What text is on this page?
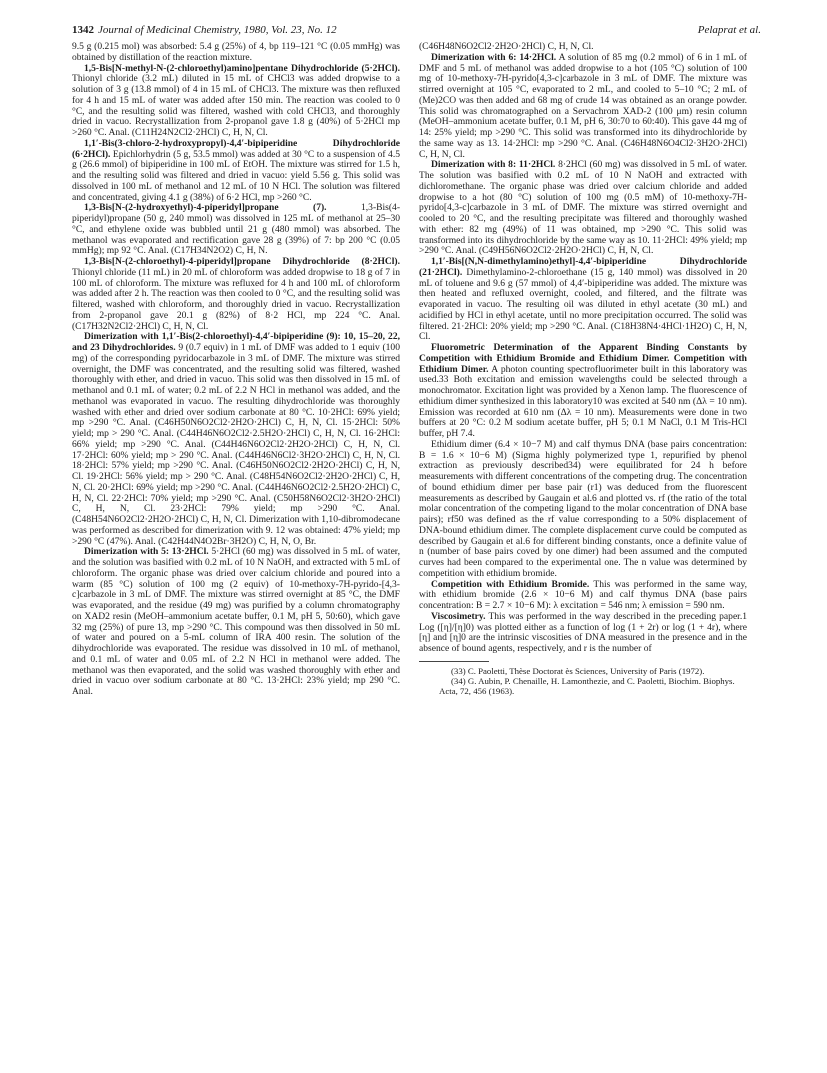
1342 Journal of Medicinal Chemistry, 1980, Vol. 23, No. 12	Pelaprat et al.

9.5 g (0.215 mol) was absorbed: 5.4 g (25%) of 4, bp 119–121 °C (0.05 mmHg) was obtained by distillation of the reaction mixture.

1,5-Bis[N-methyl-N-(2-chloroethyl)amino]pentane Dihydrochloride (5·2HCl). Thionyl chloride (3.2 mL) diluted in 15 mL of CHCl3 was added dropwise to a solution of 3 g (13.8 mmol) of 4 in 15 mL of CHCl3. The mixture was then refluxed for 4 h and 15 mL of water was added after 150 min. The reaction was cooled to 0 °C, and the resulting solid was filtered, washed with cold CHCl3, and thoroughly dried in vacuo. Recrystallization from 2-propanol gave 1.8 g (40%) of 5·2HCl mp >260 °C. Anal. (C11H24N2Cl2·2HCl) C, H, N, Cl.

1,1′-Bis(3-chloro-2-hydroxypropyl)-4,4′-bipiperidine Dihydrochloride (6·2HCl). Epichlorhydrin (5 g, 53.5 mmol) was added at 30 °C to a suspension of 4.5 g (26.6 mmol) of bipiperidine in 100 mL of EtOH. The mixture was stirred for 1.5 h, and the resulting solid was filtered and dried in vacuo: yield 5.56 g. This solid was dissolved in 100 mL of methanol and 12 mL of 10 N HCl. The solution was filtered and concentrated, giving 4.1 g (38%) of 6·2 HCl, mp >260 °C.

1,3-Bis[N-(2-hydroxyethyl)-4-piperidyl]propane (7).	1,3-Bis(4-piperidyl)propane (50 g, 240 mmol) was dissolved in 125 mL of methanol at 25–30 °C, and ethylene oxide was bubbled until 21 g (480 mmol) was absorbed. The methanol was evaporated and rectification gave 28 g (39%) of 7: bp 200 °C (0.05 mmHg); mp 92 °C. Anal. (C17H34N2O2) C, H, N.

1,3-Bis[N-(2-chloroethyl)-4-piperidyl]propane Dihydrochloride (8·2HCl). Thionyl chloride (11 mL) in 20 mL of chloroform was added dropwise to 18 g of 7 in 100 mL of chloroform. The mixture was refluxed for 4 h and 100 mL of chloroform was added after 2 h. The reaction was then cooled to 0 °C, and the resulting solid was filtered, washed with chloroform, and thoroughly dried in vacuo. Recrystallization from 2-propanol gave 20.1 g (82%) of 8·2 HCl, mp 224 °C. Anal. (C17H32N2Cl2·2HCl) C, H, N, Cl.

Dimerization with 1,1′-Bis(2-chloroethyl)-4,4′-bipiperidine (9): 10, 15–20, 22, and 23 Dihydrochlorides. 9 (0.7 equiv) in 1 mL of DMF was added to 1 equiv (100 mg) of the corresponding pyridocarbazole in 3 mL of DMF. The mixture was stirred overnight, the DMF was concentrated, and the resulting solid was filtered, washed thoroughly with ether, and dried in vacuo. This solid was then dissolved in 15 mL of methanol and 0.1 mL of water; 0.2 mL of 2.2 N HCl in methanol was added, and the methanol was evaporated in vacuo. The resulting dihydrochloride was thoroughly washed with ether and dried over sodium carbonate at 80 °C. 10·2HCl: 69% yield; mp >290 °C. Anal. (C46H50N6O2Cl2·2H2O·2HCl) C, H, N, Cl. 15·2HCl: 50% yield; mp > 290 °C. Anal. (C44H46N6O2Cl2·2.5H2O·2HCl) C, H, N, Cl. 16·2HCl: 66% yield; mp >290 °C. Anal. (C44H46N6O2Cl2·2H2O·2HCl) C, H, N, Cl. 17·2HCl: 60% yield; mp > 290 °C. Anal. (C44H46N6Cl2·3H2O·2HCl) C, H, N, Cl. 18·2HCl: 57% yield; mp >290 °C. Anal. (C46H50N6O2Cl2·2H2O·2HCl) C, H, N, Cl. 19·2HCl: 56% yield; mp > 290 °C. Anal. (C48H54N6O2Cl2·2H2O·2HCl) C, H, N, Cl. 20·2HCl: 69% yield; mp >290 °C. Anal. (C44H46N6O2Cl2·2.5H2O·2HCl) C, H, N, Cl. 22·2HCl: 70% yield; mp >290 °C. Anal. (C50H58N6O2Cl2·3H2O·2HCl) C, H, N, Cl. 23·2HCl: 79% yield; mp >290 °C. Anal. (C48H54N6O2Cl2·2H2O·2HCl) C, H, N, Cl. Dimerization with 1,10-dibromodecane was performed as described for dimerization with 9. 12 was obtained: 47% yield; mp >290 °C (47%). Anal. (C42H44N4O2Br·3H2O) C, H, N, O, Br.

Dimerization with 5: 13·2HCl. 5·2HCl (60 mg) was dissolved in 5 mL of water, and the solution was basified with 0.2 mL of 10 N NaOH, and extracted with 5 mL of chloroform. The organic phase was dried over calcium chloride and poured into a warm (85 °C) solution of 100 mg (2 equiv) of 10-methoxy-7H-pyrido-[4,3-c]carbazole in 3 mL of DMF. The mixture was stirred overnight at 85 °C, the DMF was evaporated, and the residue (49 mg) was purified by a column chromatography on XAD2 resin (MeOH–ammonium acetate buffer, 0.1 M, pH 5, 50:60), which gave 32 mg (25%) of pure 13, mp >290 °C. This compound was then dissolved in 50 mL of water and poured on a 5-mL column of IRA 400 resin. The solution of the dihydrochloride was evaporated. The residue was dissolved in 10 mL of methanol, and 0.1 mL of water and 0.05 mL of 2.2 N HCl in methanol were added. The methanol was then evaporated, and the solid was washed thoroughly with ether and dried in vacuo over sodium carbonate at 80 °C. 13·2HCl: 23% yield; mp 290 °C. Anal.

(C46H48N6O2Cl2·2H2O·2HCl) C, H, N, Cl.

Dimerization with 6: 14·2HCl. A solution of 85 mg (0.2 mmol) of 6 in 1 mL of DMF and 5 mL of methanol was added dropwise to a hot (105 °C) solution of 100 mg of 10-methoxy-7H-pyrido[4,3-c]carbazole in 3 mL of DMF. The mixture was stirred overnight at 105 °C, evaporated to 2 mL, and cooled to 5–10 °C; 2 mL of (Me)2CO was then added and 68 mg of crude 14 was obtained as an orange powder. This solid was chromatographed on a Servachrom XAD-2 (100 μm) resin column (MeOH–ammonium acetate buffer, 0.1 M, pH 6, 30:70 to 60:40). This gave 44 mg of 14: 25% yield; mp >290 °C. This solid was transformed into its dihydrochloride by the same way as 13. 14·2HCl: mp >290 °C. Anal. (C46H48N6O4Cl2·3H2O·2HCl) C, H, N, Cl.

Dimerization with 8: 11·2HCl. 8·2HCl (60 mg) was dissolved in 5 mL of water. The solution was basified with 0.2 mL of 10 N NaOH and extracted with dichloromethane. The organic phase was dried over calcium chloride and added dropwise to a hot (80 °C) solution of 100 mg (0.5 mM) of 10-methoxy-7H-pyrido[4,3-c]carbazole in 3 mL of DMF. The mixture was stirred overnight and cooled to 20 °C, and the resulting precipitate was filtered and thoroughly washed with ether: 82 mg (49%) of 11 was obtained, mp >290 °C. This solid was transformed into its dihydrochloride by the same way as 10. 11·2HCl: 49% yield; mp >290 °C. Anal. (C49H56N6O2Cl2·2H2O·2HCl) C, H, N, Cl.

1,1′-Bis[(N,N-dimethylamino)ethyl]-4,4′-bipiperidine Dihydrochloride (21·2HCl). Dimethylamino-2-chloroethane (15 g, 140 mmol) was dissolved in 20 mL of toluene and 9.6 g (57 mmol) of 4,4′-bipiperidine was added. The mixture was then heated and refluxed overnight, cooled, and filtered, and the filtrate was evaporated in vacuo. The resulting oil was diluted in ethyl acetate (30 mL) and acidified by HCl in ethyl acetate, until no more precipitation occurred. The solid was filtered. 21·2HCl: 20% yield; mp >290 °C. Anal. (C18H38N4·4HCl·1H2O) C, H, N, Cl.

Fluorometric Determination of the Apparent Binding Constants by Competition with Ethidium Bromide and Ethidium Dimer. Competition with Ethidium Dimer. A photon counting spectrofluorimeter built in this laboratory was used.33 Both excitation and emission wavelengths could be selected through a monochromator. Excitation light was provided by a Xenon lamp. The fluorescence of ethidium dimer synthesized in this laboratory10 was excited at 540 nm (Δλ = 10 nm). Emission was recorded at 610 nm (Δλ = 10 nm). Measurements were done in two buffers at 20 °C: 0.2 M sodium acetate buffer, pH 5; 0.1 M NaCl, 0.1 M Tris-HCl buffer, pH 7.4.

Ethidium dimer (6.4 × 10−7 M) and calf thymus DNA (base pairs concentration: B = 1.6 × 10−6 M) (Sigma highly polymerized type 1, repurified by phenol extraction as previously described34) were equilibrated for 24 h before measurements with different concentrations of the competing drug. The concentration of bound ethidium dimer per base pair (r1) was deduced from the fluorescent measurements as described by Gaugain et al.6 and plotted vs. rf (the ratio of the total molar concentration of the competing ligand to the molar concentration of DNA base pairs); rf50 was defined as the rf value corresponding to a 50% displacement of DNA-bound ethidium dimer. The complete displacement curve could be computed as described by Gaugain et al.6 for different binding constants, once a definite value of n (number of base pairs coved by one dimer) had been assumed and the computed curves had been compared to the experimental one. The n value was determined by competition with ethidium bromide.

Competition with Ethidium Bromide. This was performed in the same way, with ethidium bromide (2.6 × 10−6 M) and calf thymus DNA (base pairs concentration: B = 2.7 × 10−6 M): λ excitation = 546 nm; λ emission = 590 nm.

Viscosimetry. This was performed in the way described in the preceding paper.1 Log ([η]/[η]0) was plotted either as a function of log (1 + 2r) or log (1 + 4r), where [η] and [η]0 are the intrinsic viscosities of DNA measured in the presence and in the absence of bound agents, respectively, and r is the number of

(33) C. Paoletti, Thèse Doctorat ès Sciences, University of Paris (1972).

(34) G. Aubin, P. Chenaille, H. Lamonthezie, and C. Paoletti, Biochim. Biophys. Acta, 72, 456 (1963).
